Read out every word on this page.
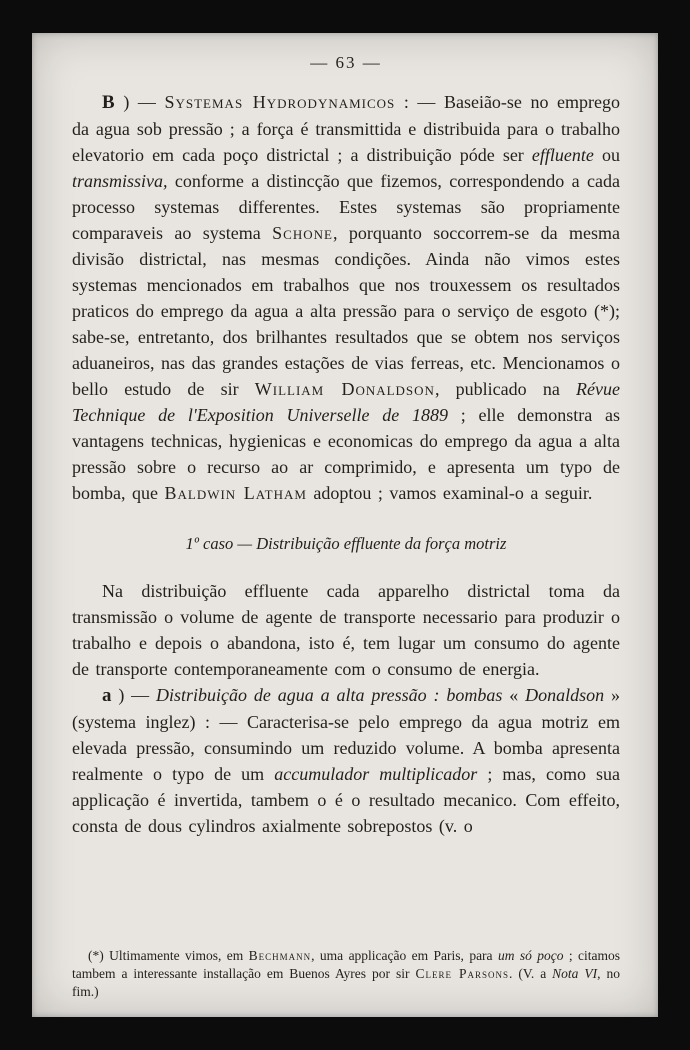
— 63 —

B ) — Systemas Hydrodynamicos : — Baseião-se no emprego da agua sob pressão ; a força é transmittida e distribuida para o trabalho elevatorio em cada poço districtal ; a distribuição póde ser effluente ou transmissiva, conforme a distincção que fizemos, correspondendo a cada processo systemas differentes. Estes systemas são propriamente comparaveis ao systema Schone, porquanto soccorrem-se da mesma divisão districtal, nas mesmas condições. Ainda não vimos estes systemas mencionados em trabalhos que nos trouxessem os resultados praticos do emprego da agua a alta pressão para o serviço de esgoto (*); sabe-se, entretanto, dos brilhantes resultados que se obtem nos serviços aduaneiros, nas das grandes estações de vias ferreas, etc. Mencionamos o bello estudo de sir William Donaldson, publicado na Révue Technique de l'Exposition Universelle de 1889 ; elle demonstra as vantagens technicas, hygienicas e economicas do emprego da agua a alta pressão sobre o recurso ao ar comprimido, e apresenta um typo de bomba, que Baldwin Latham adoptou ; vamos examinal-o a seguir.

1º caso — Distribuição effluente da força motriz

Na distribuição effluente cada apparelho districtal toma da transmissão o volume de agente de transporte necessario para produzir o trabalho e depois o abandona, isto é, tem lugar um consumo do agente de transporte contemporaneamente com o consumo de energia.

a ) — Distribuição de agua a alta pressão : bombas « Donaldson » (systema inglez) : — Caracterisa-se pelo emprego da agua motriz em elevada pressão, consumindo um reduzido volume. A bomba apresenta realmente o typo de um accumulador multiplicador ; mas, como sua applicação é invertida, tambem o é o resultado mecanico. Com effeito, consta de dous cylindros axialmente sobrepostos (v. o

(*) Ultimamente vimos, em Bechmann, uma applicação em Paris, para um só poço ; citamos tambem a interessante installação em Buenos Ayres por sir Clere Parsons. (V. a Nota VI, no fim.)
